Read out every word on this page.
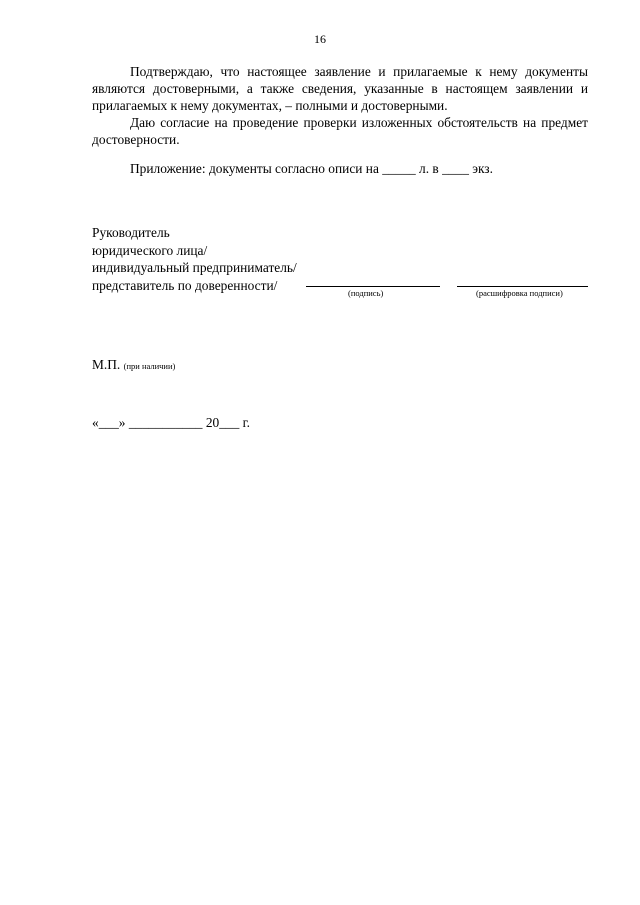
16

Подтверждаю, что настоящее заявление и прилагаемые к нему документы являются достоверными, а также сведения, указанные в настоящем заявлении и прилагаемых к нему документах, – полными и достоверными.

Даю согласие на проведение проверки изложенных обстоятельств на предмет достоверности.

Приложение: документы согласно описи на _____ л. в ____ экз.

Руководитель
юридического лица/
индивидуальный предприниматель/
представитель по доверенности/
(подпись)	(расшифровка подписи)
М.П. (при наличии)
«___» ___________ 20___ г.
